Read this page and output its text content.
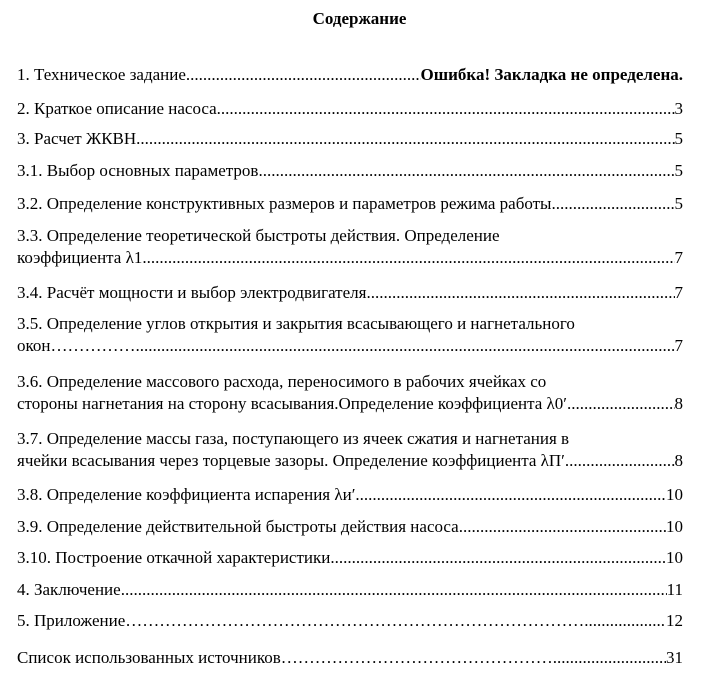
Содержание
1. Техническое задание .....	Ошибка! Закладка не определена.
2. Краткое описание насоса .....	3
3. Расчет ЖКВН .....	5
3.1. Выбор основных параметров .....	5
3.2. Определение конструктивных размеров и параметров режима работы .....	5
3.3. Определение теоретической быстроты действия. Определение
коэффициента λ1 .....	7
3.4. Расчёт мощности и выбор электродвигателя .....	7
3.5. Определение углов открытия и закрытия всасывающего и нагнетального
окон…………… .....	7
3.6. Определение массового расхода, переносимого в рабочих ячейках со
стороны нагнетания на сторону всасывания.Определение коэффициента λ0′. .....	8
3.7. Определение массы газа, поступающего из ячеек сжатия и нагнетания в
ячейки всасывания через торцевые зазоры. Определение коэффициента λП′. .....	8
3.8. Определение коэффициента испарения λи′ .....	10
3.9. Определение действительной быстроты действия насоса .....	10
3.10. Построение откачной характеристики .....	10
4. Заключение .....	11
5. Приложение……………………………………………………………………… .....	12
Список использованных источников………………………………………….. .....	31
